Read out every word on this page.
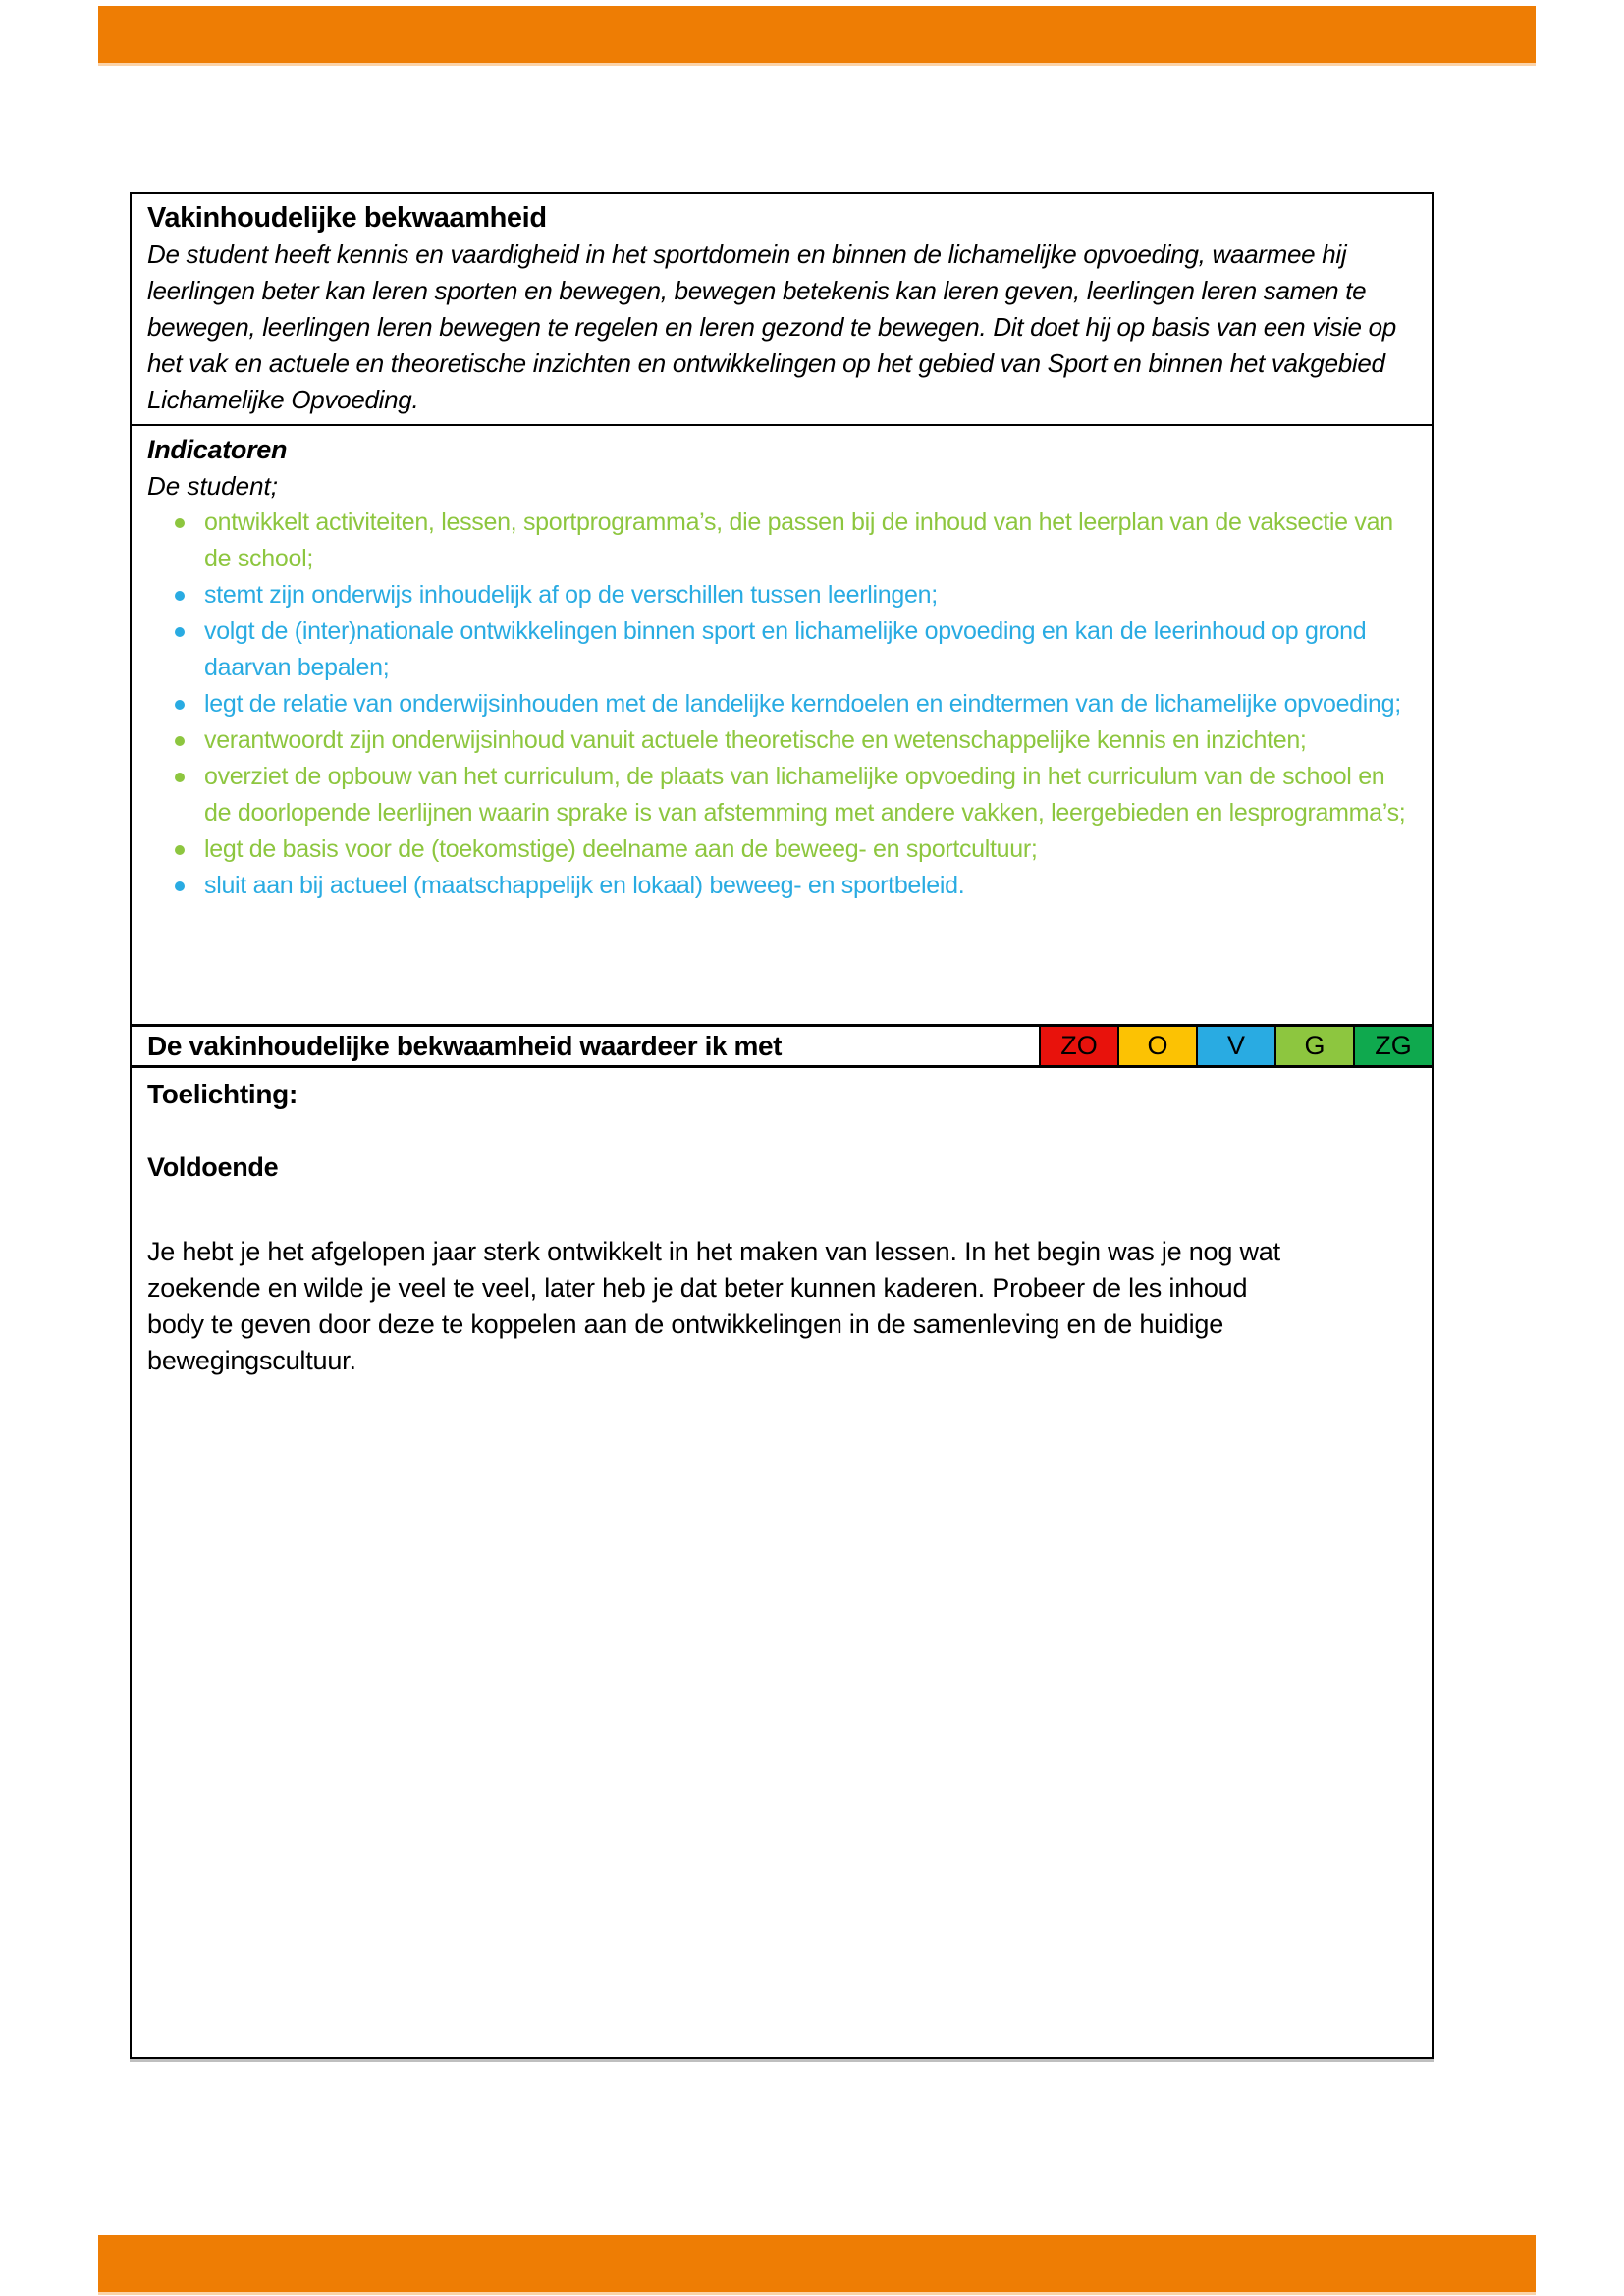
Vakinhoudelijke bekwaamheid

De student heeft kennis en vaardigheid in het sportdomein en binnen de lichamelijke opvoeding, waarmee hij leerlingen beter kan leren sporten en bewegen, bewegen betekenis kan leren geven, leerlingen leren samen te bewegen, leerlingen leren bewegen te regelen en leren gezond te bewegen. Dit doet hij op basis van een visie op het vak en actuele en theoretische inzichten en ontwikkelingen op het gebied van Sport en binnen het vakgebied Lichamelijke Opvoeding.

Indicatoren

De student;

ontwikkelt activiteiten, lessen, sportprogramma’s, die passen bij de inhoud van het leerplan van de vaksectie van de school;
stemt zijn onderwijs inhoudelijk af op de verschillen tussen leerlingen;
volgt de (inter)nationale ontwikkelingen binnen sport en lichamelijke opvoeding en kan de leerinhoud op grond daarvan bepalen;
legt de relatie van onderwijsinhouden met de landelijke kerndoelen en eindtermen van de lichamelijke opvoeding;
verantwoordt zijn onderwijsinhoud vanuit actuele theoretische en wetenschappelijke kennis en inzichten;
overziet de opbouw van het curriculum, de plaats van lichamelijke opvoeding in het curriculum van de school en de doorlopende leerlijnen waarin sprake is van afstemming met andere vakken, leergebieden en lesprogramma’s;
legt de basis voor de (toekomstige) deelname aan de beweeg- en sportcultuur;
sluit aan bij actueel (maatschappelijk en lokaal) beweeg- en sportbeleid.
De vakinhoudelijke bekwaamheid waardeer ik met	ZO	O	V	G	ZG
Toelichting:

Voldoende

Je hebt je het afgelopen jaar sterk ontwikkelt in het maken van lessen. In het begin was je nog wat zoekende en wilde je veel te veel, later heb je dat beter kunnen kaderen. Probeer de les inhoud body te geven door deze te koppelen aan de ontwikkelingen in de samenleving en de huidige bewegingscultuur.
